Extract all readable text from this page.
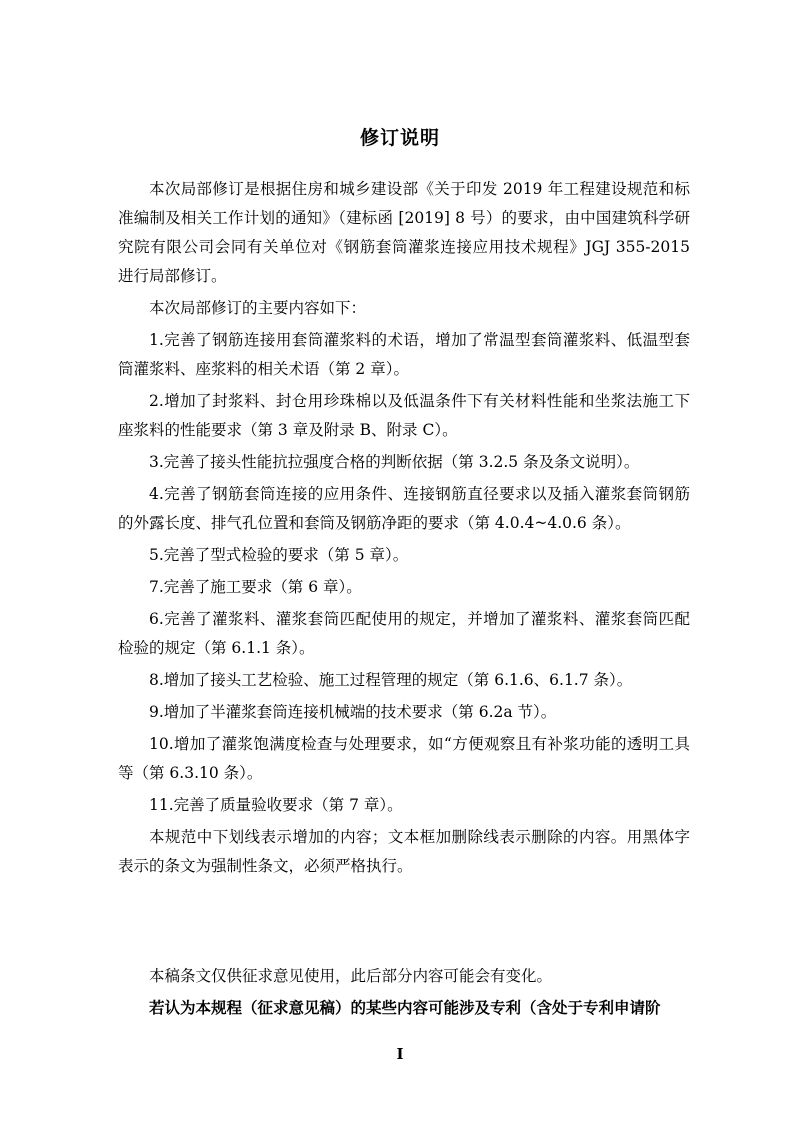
修订说明

本次局部修订是根据住房和城乡建设部《关于印发 2019 年工程建设规范和标准编制及相关工作计划的通知》（建标函 [2019] 8 号）的要求，由中国建筑科学研究院有限公司会同有关单位对《钢筋套筒灌浆连接应用技术规程》JGJ 355-2015 进行局部修订。

本次局部修订的主要内容如下：

1.完善了钢筋连接用套筒灌浆料的术语，增加了常温型套筒灌浆料、低温型套筒灌浆料、座浆料的相关术语（第 2 章）。

2.增加了封浆料、封仓用珍珠棉以及低温条件下有关材料性能和坐浆法施工下座浆料的性能要求（第 3 章及附录 B、附录 C）。

3.完善了接头性能抗拉强度合格的判断依据（第 3.2.5 条及条文说明）。

4.完善了钢筋套筒连接的应用条件、连接钢筋直径要求以及插入灌浆套筒钢筋的外露长度、排气孔位置和套筒及钢筋净距的要求（第 4.0.4~4.0.6 条）。

5.完善了型式检验的要求（第 5 章）。

7.完善了施工要求（第 6 章）。

6.完善了灌浆料、灌浆套筒匹配使用的规定，并增加了灌浆料、灌浆套筒匹配检验的规定（第 6.1.1 条）。

8.增加了接头工艺检验、施工过程管理的规定（第 6.1.6、6.1.7 条）。

9.增加了半灌浆套筒连接机械端的技术要求（第 6.2a 节）。

10.增加了灌浆饱满度检查与处理要求，如“方便观察且有补浆功能的透明工具等（第 6.3.10 条）。

11.完善了质量验收要求（第 7 章）。

本规范中下划线表示增加的内容；文本框加删除线表示删除的内容。用黑体字表示的条文为强制性条文，必须严格执行。

本稿条文仅供征求意见使用，此后部分内容可能会有变化。

若认为本规程（征求意见稿）的某些内容可能涉及专利（含处于专利申请阶

I
